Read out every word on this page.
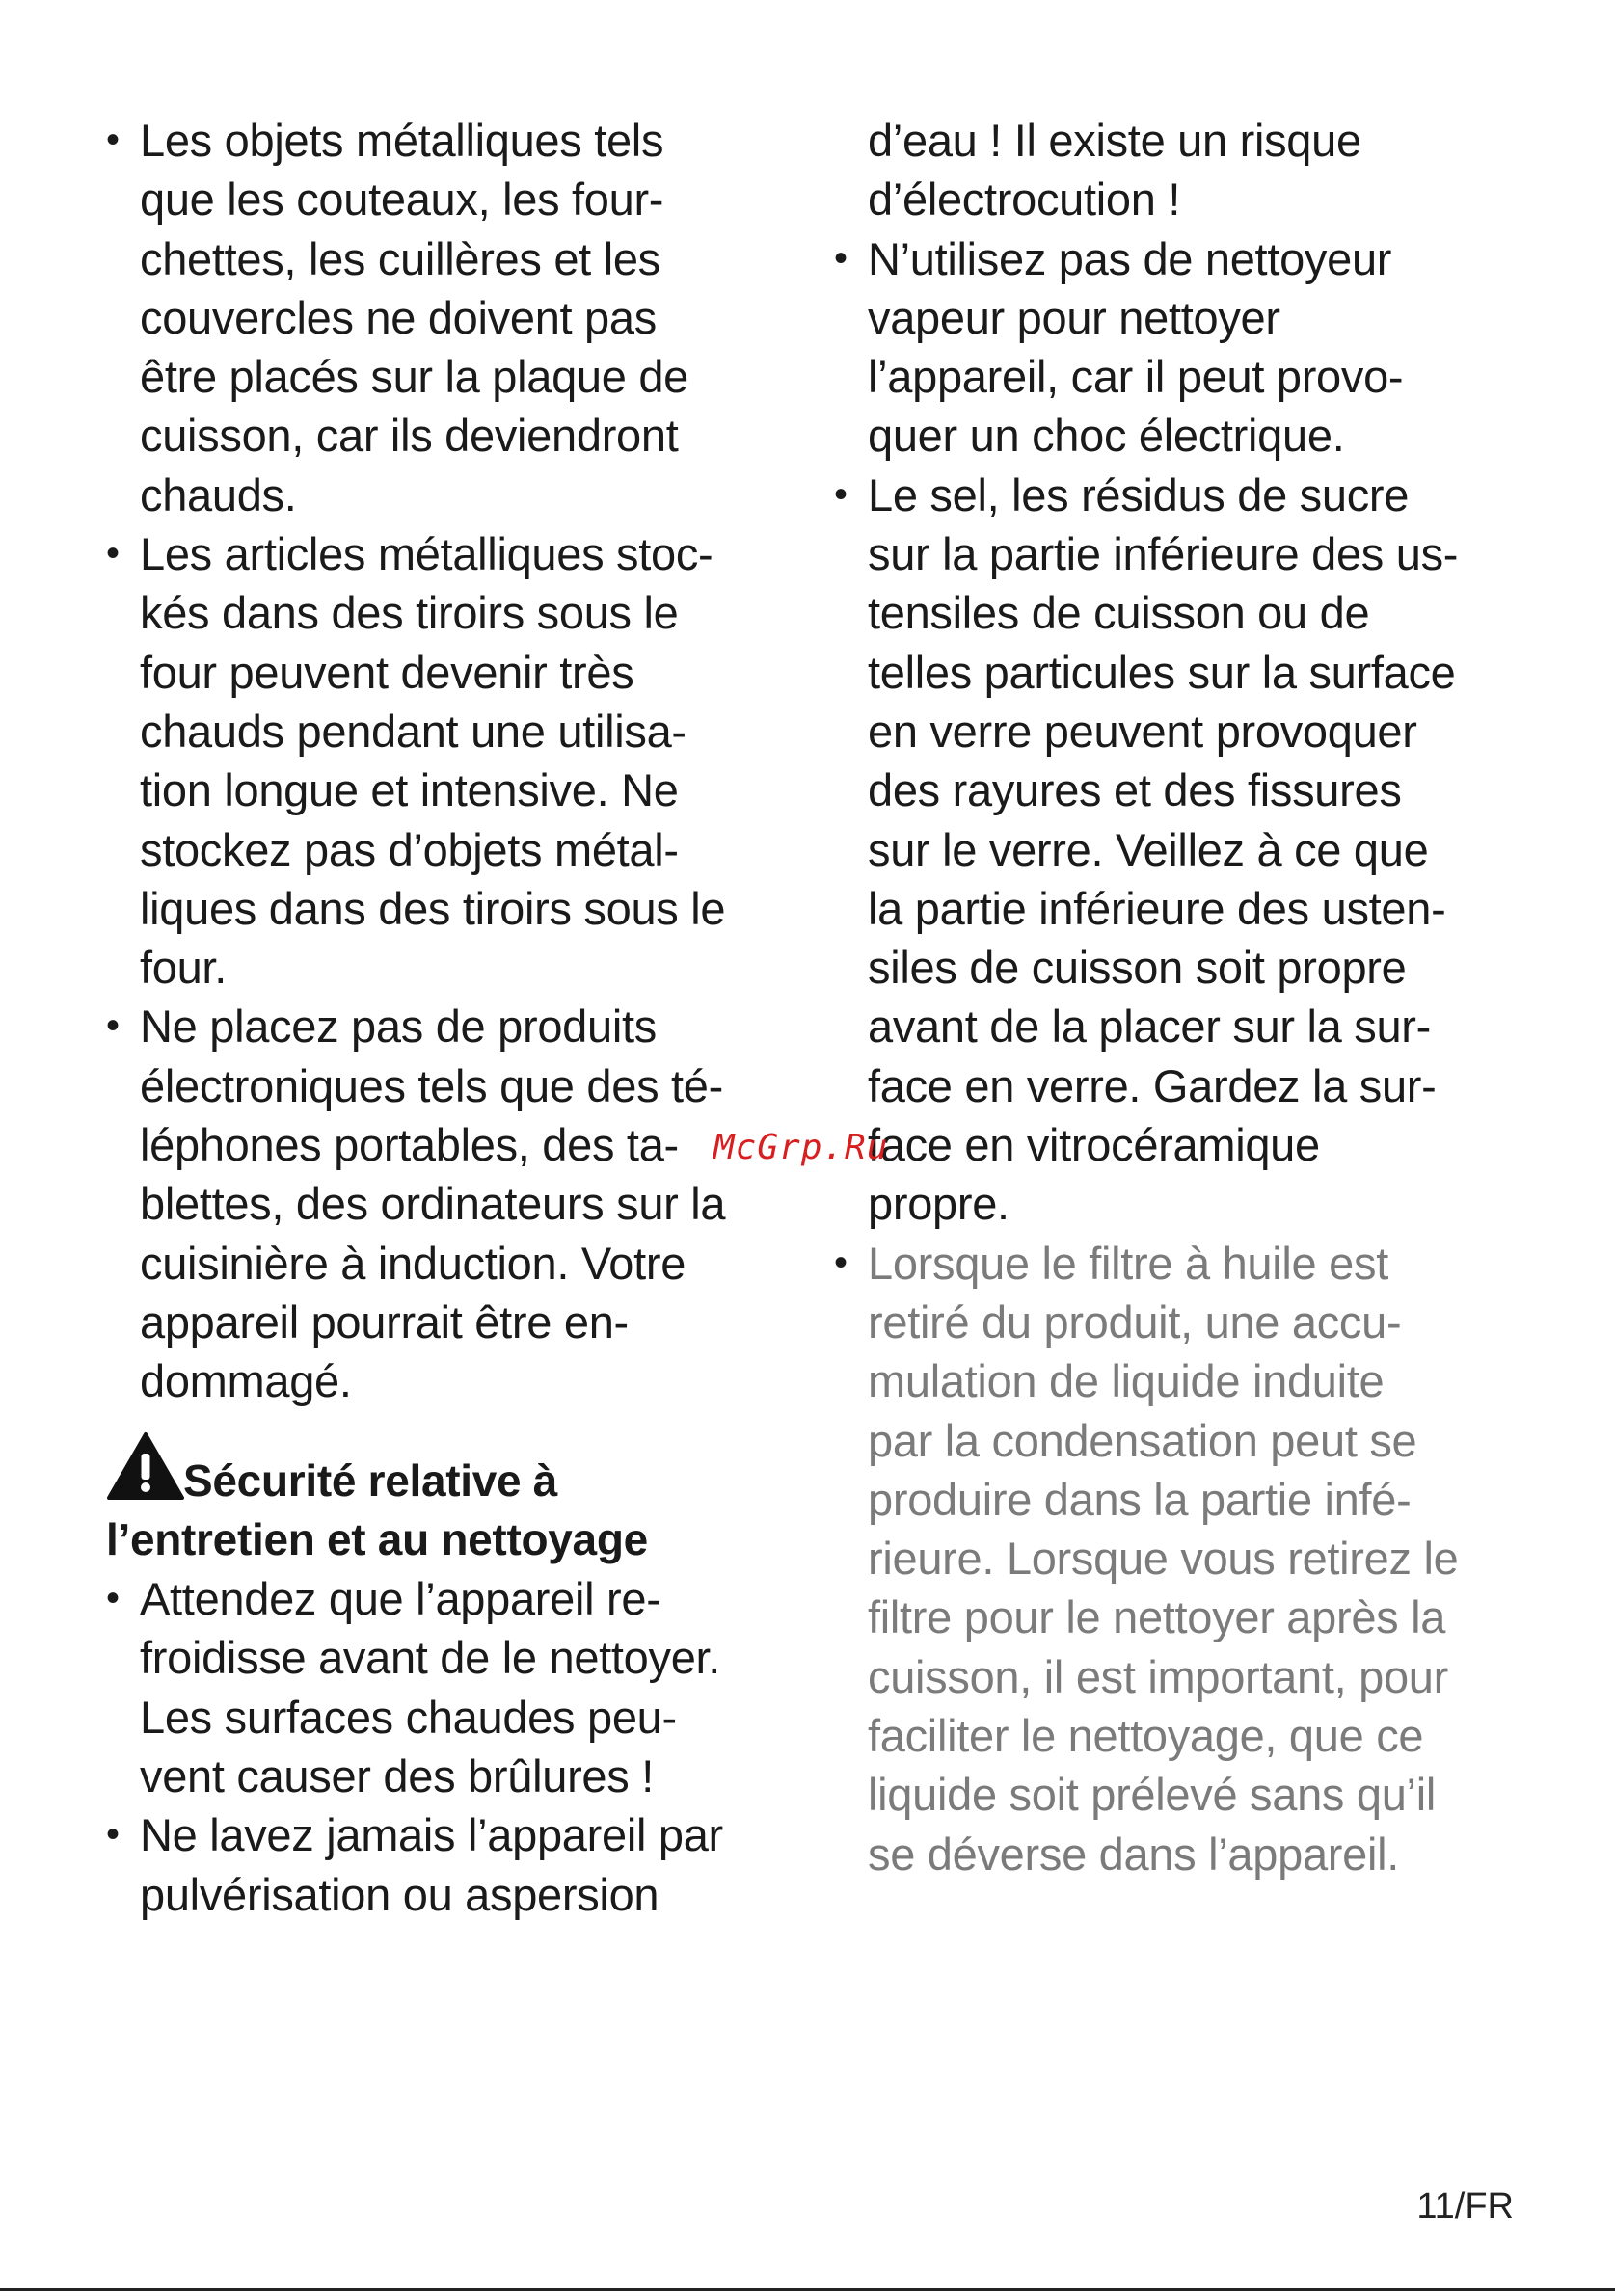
• Les objets métalliques tels
que les couteaux, les four-
chettes, les cuillères et les
couvercles ne doivent pas
être placés sur la plaque de
cuisson, car ils deviendront
chauds.
• Les articles métalliques stoc-
kés dans des tiroirs sous le
four peuvent devenir très
chauds pendant une utilisa-
tion longue et intensive. Ne
stockez pas d’objets métal-
liques dans des tiroirs sous le
four.
• Ne placez pas de produits
électroniques tels que des té-
léphones portables, des ta-
blettes, des ordinateurs sur la
cuisinière à induction. Votre
appareil pourrait être en-
dommagé.
Sécurité relative à
l’entretien et au nettoyage
• Attendez que l’appareil re-
froidisse avant de le nettoyer.
Les surfaces chaudes peu-
vent causer des brûlures !
• Ne lavez jamais l’appareil par
pulvérisation ou aspersion
d’eau ! Il existe un risque
d’électrocution !
• N’utilisez pas de nettoyeur
vapeur pour nettoyer
l’appareil, car il peut provo-
quer un choc électrique.
• Le sel, les résidus de sucre
sur la partie inférieure des us-
tensiles de cuisson ou de
telles particules sur la surface
en verre peuvent provoquer
des rayures et des fissures
sur le verre. Veillez à ce que
la partie inférieure des usten-
siles de cuisson soit propre
avant de la placer sur la sur-
face en verre. Gardez la sur-
face en vitrocéramique
propre.
• Lorsque le filtre à huile est
retiré du produit, une accu-
mulation de liquide induite
par la condensation peut se
produire dans la partie infé-
rieure. Lorsque vous retirez le
filtre pour le nettoyer après la
cuisson, il est important, pour
faciliter le nettoyage, que ce
liquide soit prélevé sans qu’il
se déverse dans l’appareil.
McGrp.Ru
11/FR
